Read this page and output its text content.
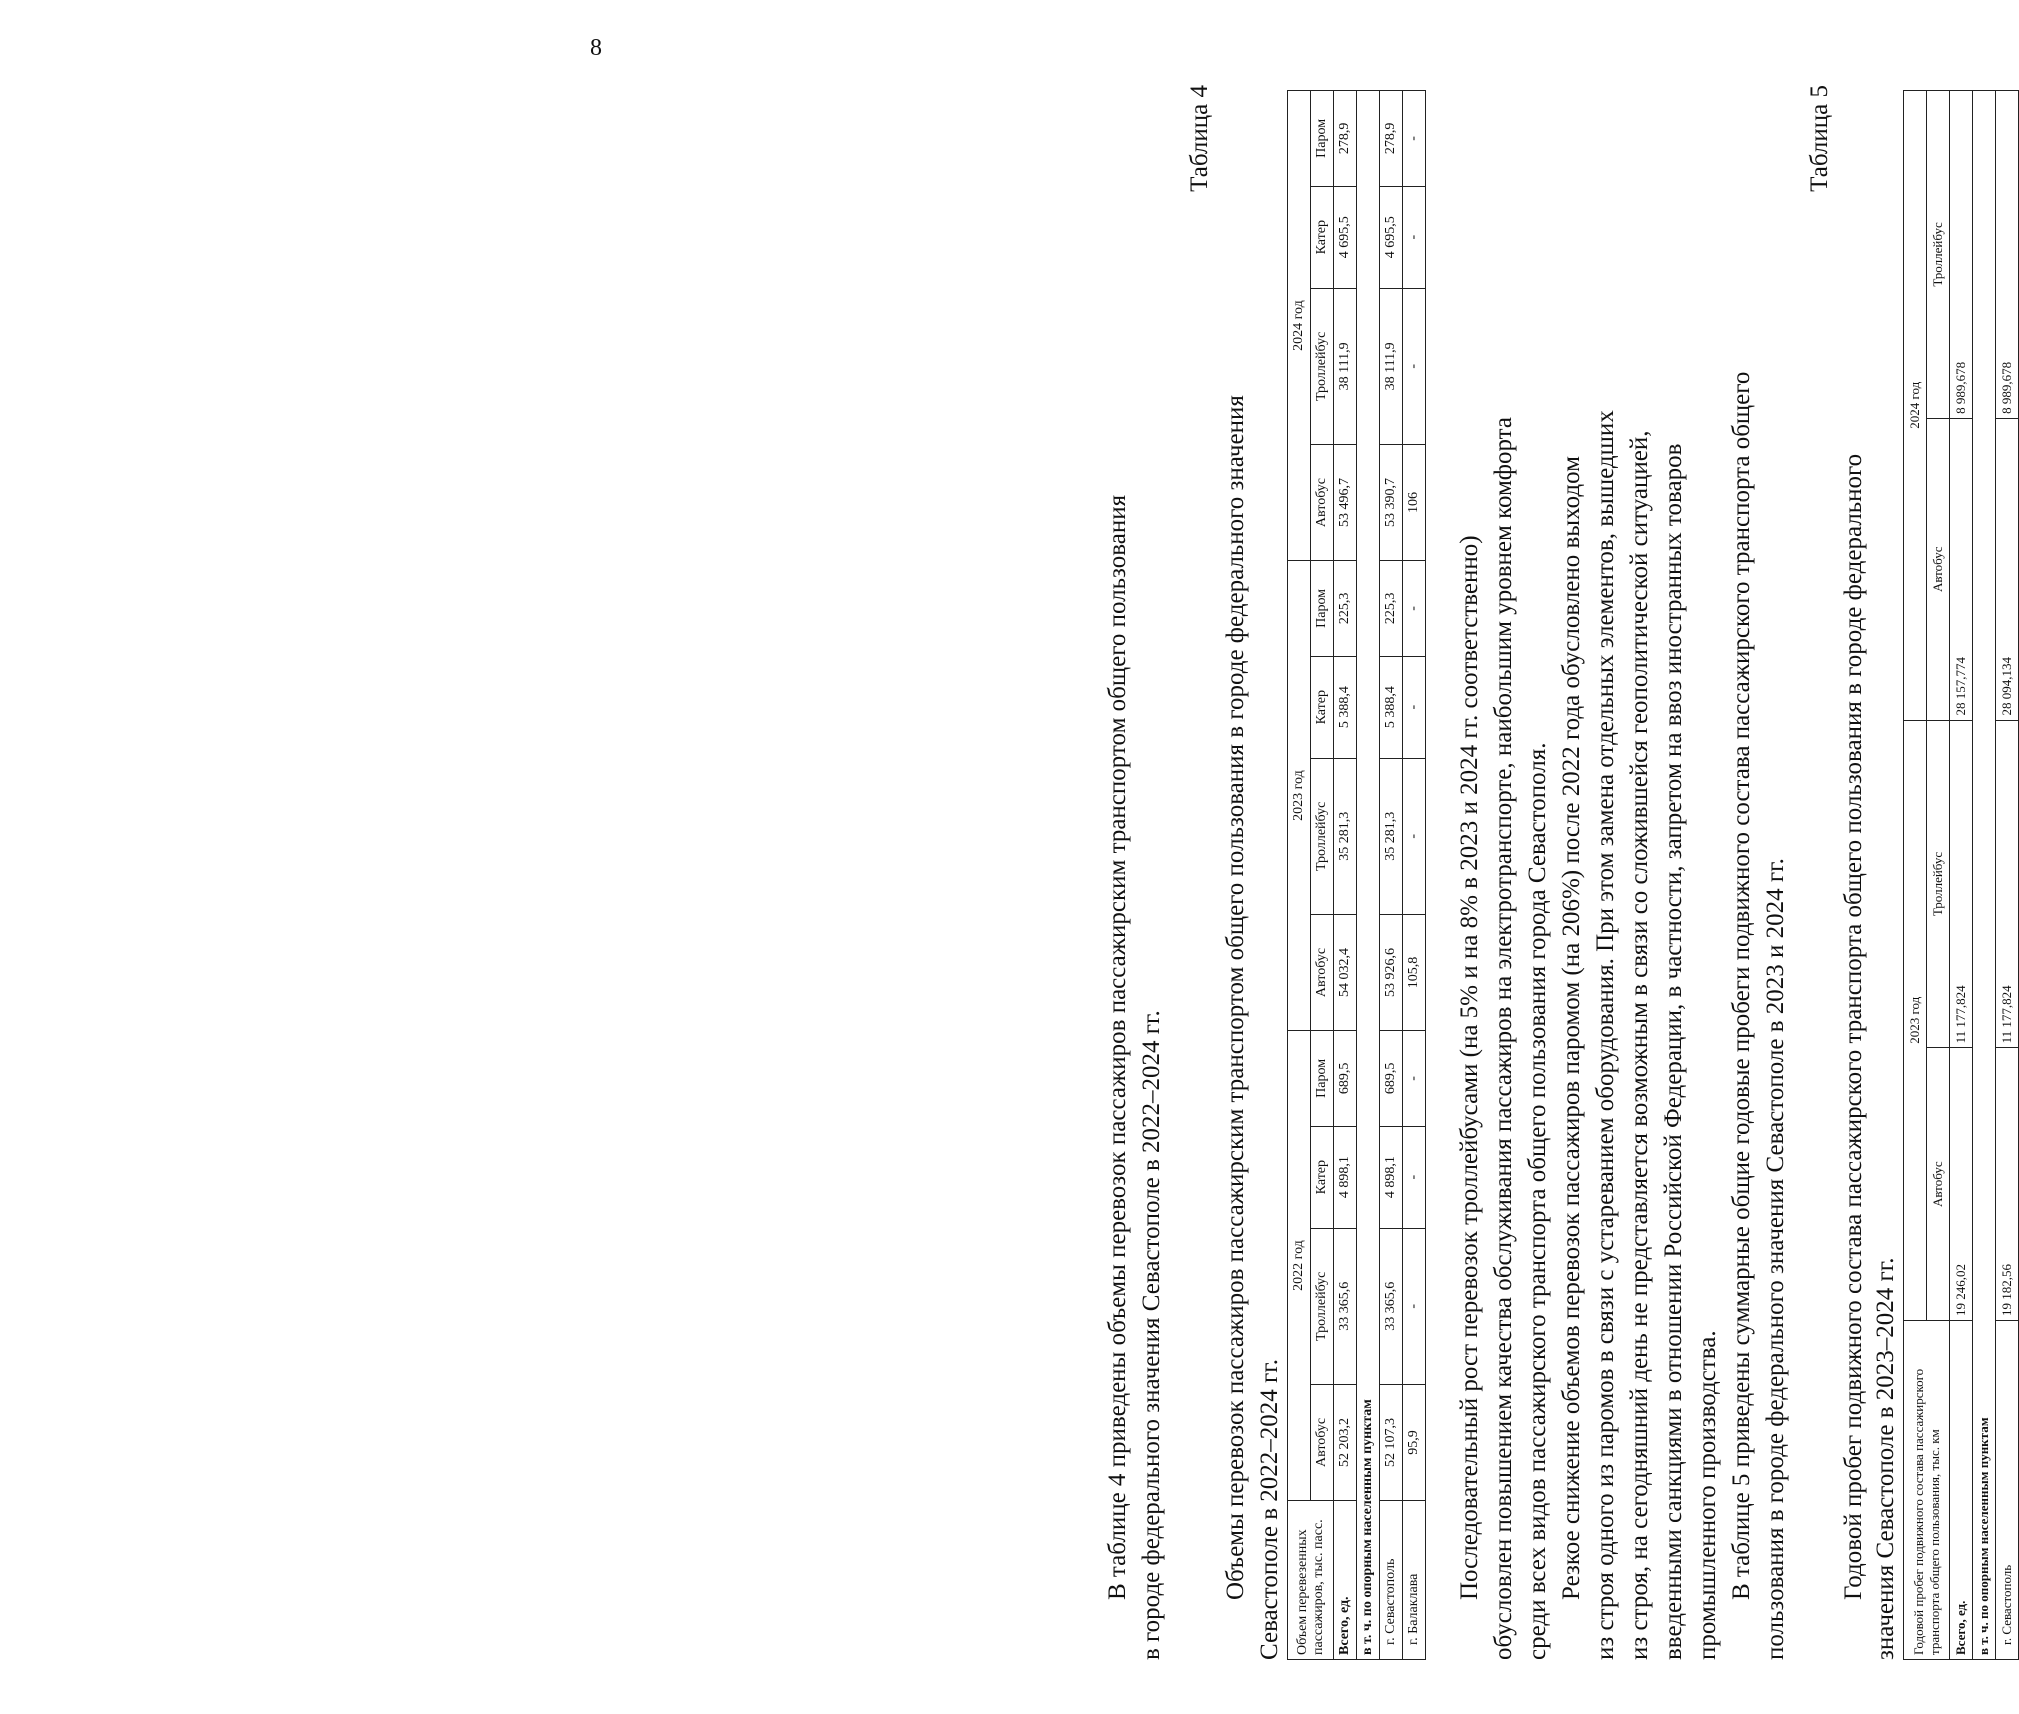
8
В таблице 4 приведены объемы перевозок пассажиров пассажирским транспортом общего пользования в городе федерального значения Севастополе в 2022–2024 гг.
Таблица 4
Объемы перевозок пассажиров пассажирским транспортом общего пользования в городе федерального значения Севастополе в 2022–2024 гг. Объем перевезенных пассажиров, тыс. пасс.	2022 год				2023 год				2024 год			
	Автобус	Троллейбус	Катер	Паром	Автобус	Троллейбус	Катер	Паром	Автобус	Троллейбус	Катер	Паром
Всего, ед.	52 203,2	33 365,6	4 898,1	689,5	54 032,4	35 281,3	5 388,4	225,3	53 496,7	38 111,9	4 695,5	278,9
в т. ч. по опорным населенным пунктам												
г. Севастополь	52 107,3	33 365,6	4 898,1	689,5	53 926,6	35 281,3	5 388,4	225,3	53 390,7	38 111,9	4 695,5	278,9
г. Балаклава	95,9	-	-	-	105,8	-	-	-	106	-	-	-
Последовательный рост перевозок троллейбусами (на 5% и на 8% в 2023 и 2024 гг. соответственно) обусловлен повышением качества обслуживания пассажиров на электротранспорте, наибольшим уровнем комфорта среди всех видов пассажирского транспорта общего пользования города Севастополя. Резкое снижение объемов перевозок пассажиров паромом (на 206%) после 2022 года обусловлено выходом из строя одного из паромов в связи с устареванием оборудования. При этом замена отдельных элементов, вышедших из строя, на сегодняшний день не представляется возможным в связи со сложившейся геополитической ситуацией, введенными санкциями в отношении Российской Федерации, в частности, запретом на ввоз иностранных товаров промышленного производства. В таблице 5 приведены суммарные общие годовые пробеги подвижного состава пассажирского транспорта общего пользования в городе федерального значения Севастополе в 2023 и 2024 гг.
Таблица 5
Годовой пробег подвижного состава пассажирского транспорта общего пользования в городе федерального значения Севастополе в 2023–2024 гг. Годовой пробег подвижного состава пассажирского транспорта общего пользования, тыс. км	2023 год		2024 год	
	Автобус	Троллейбус	Автобус	Троллейбус
Всего, ед.	19 246,02	11 177,824	28 157,774	8 989,678
в т. ч. по опорным населенным пунктам				
г. Севастополь	19 182,56	11 177,824	28 094,134	8 989,678
